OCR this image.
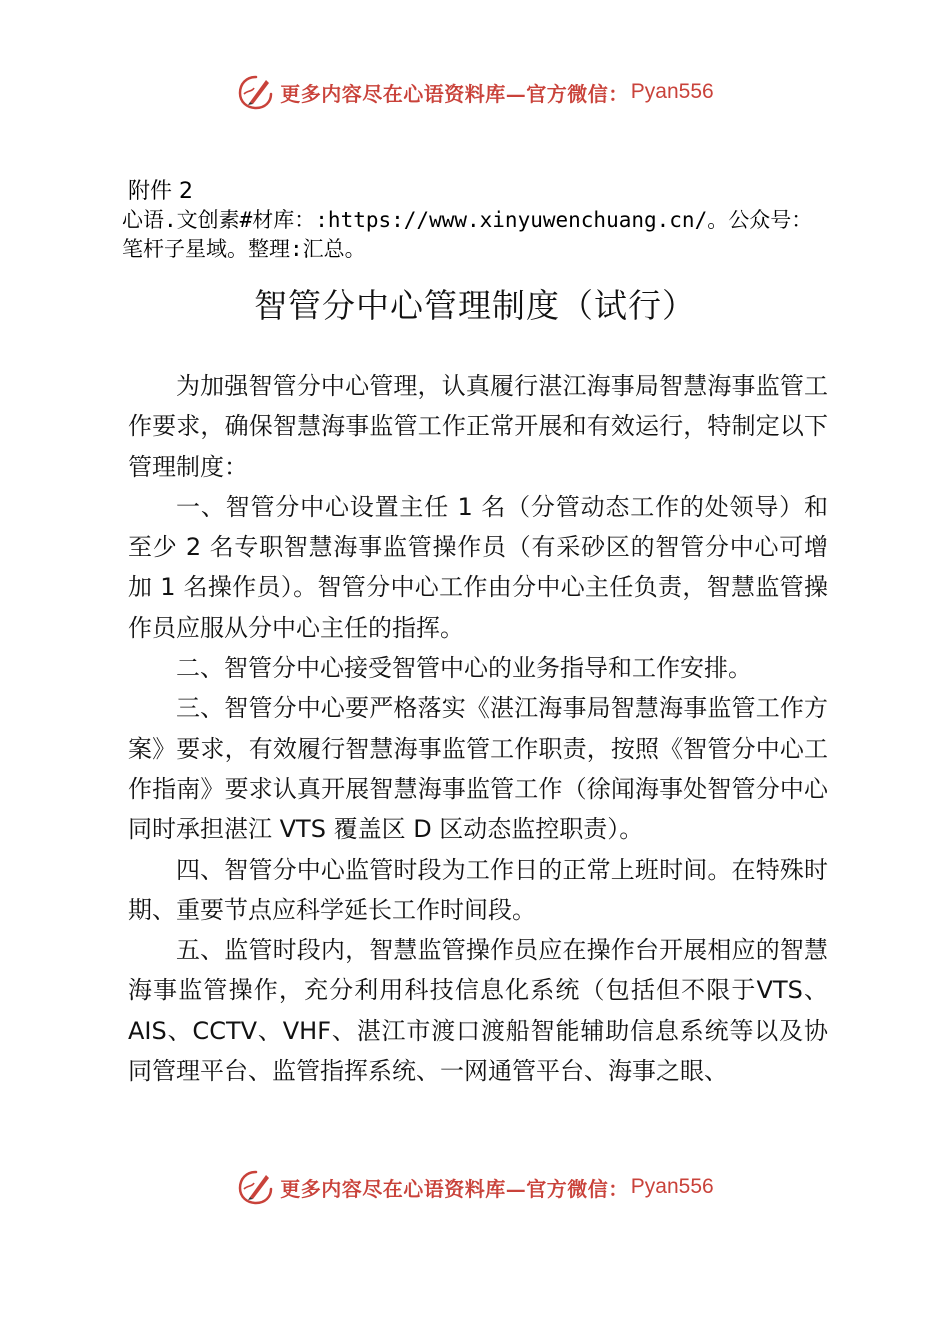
更多内容尽在心语资料库—官方微信： Pyan556
附件 2
心语.文创素#材库：:https://www.xinyuwenchuang.cn/。公众号：笔杆子星域。整理:汇总。
智管分中心管理制度（试行）

为加强智管分中心管理，认真履行湛江海事局智慧海事监管工作要求，确保智慧海事监管工作正常开展和有效运行，特制定以下管理制度：

一、智管分中心设置主任 1 名（分管动态工作的处领导）和至少 2 名专职智慧海事监管操作员（有采砂区的智管分中心可增加 1 名操作员）。智管分中心工作由分中心主任负责，智慧监管操作员应服从分中心主任的指挥。

二、智管分中心接受智管中心的业务指导和工作安排。

三、智管分中心要严格落实《湛江海事局智慧海事监管工作方案》要求，有效履行智慧海事监管工作职责，按照《智管分中心工作指南》要求认真开展智慧海事监管工作（徐闻海事处智管分中心同时承担湛江 VTS 覆盖区 D 区动态监控职责）。

四、智管分中心监管时段为工作日的正常上班时间。在特殊时期、重要节点应科学延长工作时间段。

五、监管时段内，智慧监管操作员应在操作台开展相应的智慧海事监管操作，充分利用科技信息化系统（包括但不限于VTS、AIS、CCTV、VHF、湛江市渡口渡船智能辅助信息系统等以及协同管理平台、监管指挥系统、一网通管平台、海事之眼、

更多内容尽在心语资料库—官方微信： Pyan556
